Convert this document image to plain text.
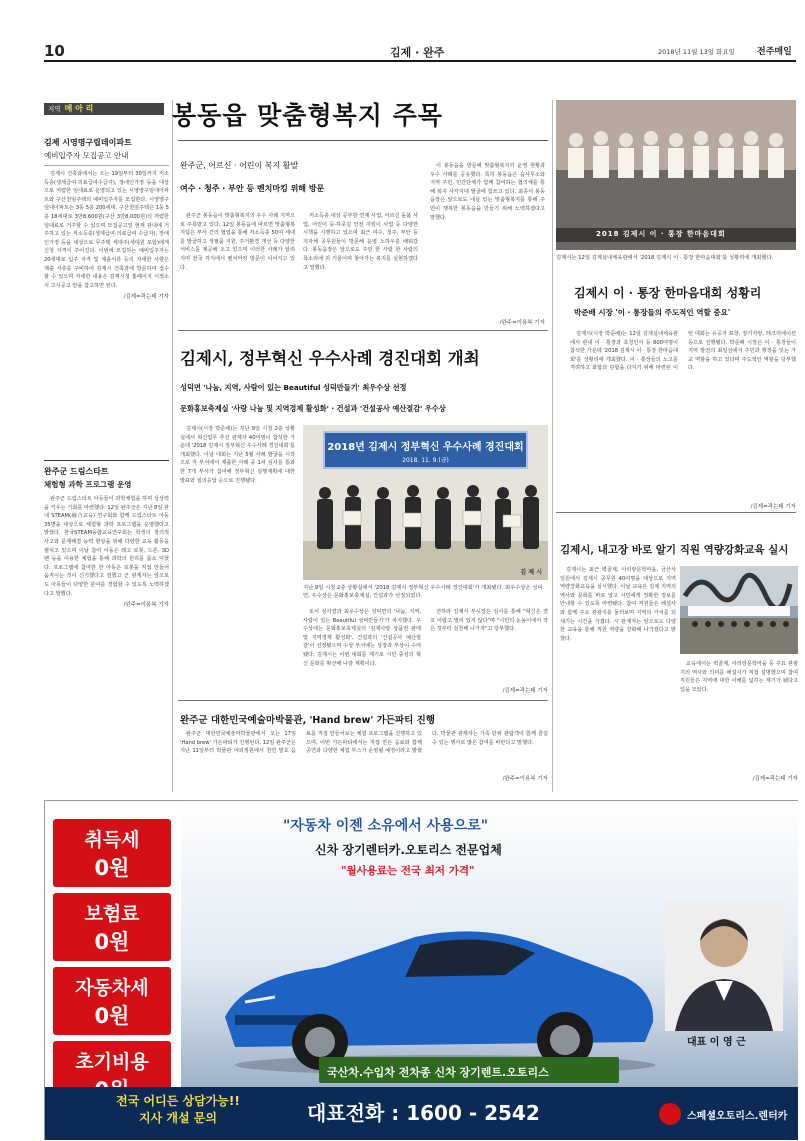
10	김제 · 완주	2018년 11월 13일 화요일 전주매일
지역 메 아 리
김제 시영명구립데이파트
예비입주자 모집공고 안내

김제시 건축과에서는 오는 19일부터 30일까지 저소득층(생계급여·의료급여수급자), 장애인가정 등을 대상으로 저렴한 임대료로 운영되고 있는 시영영구임대아파트와 구산천임주택의 예비입주자를 모집한다. 시영영구임대아파트는 3동 5층 200세대, 구산천임주택은 1동 5층 18세대로 3만8,600원(구산 3만8,000원)의 저렴한 임대료로 거주할 수 있으며 모집공고일 현재 관내에 거주하고 있는 저소득층(생계급여·의료급여 수급자), 장애인가정 등을 대상으로 무주택 세대주(세대원 포함)에게 신청 자격이 주어진다. 이번에 모집하는 예비입주자는 20세대로 입주 자격 및 제출서류 등의 자세한 사항은 제출 서류를 구비하여 김제시 건축과에 방문하여 접수할 수 있으며 자세한 내용은 김제시청 홈페이지 시정소식 고시공고 란을 참고하면 된다.

/김제=곽는태 기자
완주군 드림스타트
체험형 과학 프로그램 운영

완주군 드림스타트 아동들이 과학체험을 하며 상상력을 키우는 기회를 마련했다. 12일 완주군은 지난 8일 관내 STEAM(融合교육) 연구회와 함께 드림스타트 아동 35명을 대상으로 체험형 과학 프로그램을 운영했다고 밝혔다. 한국STEAM융합교육연구회는 학생의 창의적 사고와 문제해결 능력 향상을 위해 다양한 교육 활동을 펼치고 있으며 이날 참여 아동은 레고 로봇, 드론, 3D 펜 등을 이용한 체험을 통해 과학의 원리를 몸소 익혔다. 프로그램에 참여한 한 아동은 로봇을 직접 만들어 움직이는 것이 신기했다고 전했고 군 관계자는 앞으로도 아동들이 다양한 분야를 경험할 수 있도록 노력하겠다고 말했다.

/완주=이용복 기자
봉동읍 맞춤형복지 주목
완주군, 어르신 · 어린이 복지 활발
여수 · 청주 · 부안 등 벤치마킹 위해 방문

완주군 봉동읍이 맞춤형복지의 우수 사례 지역으로 주목받고 있다. 12일 봉동읍에 따르면 맞춤형복지팀은 부서 간의 협업을 통해 저소득층 50여 세대를 발굴하고 생필품 지원, 주거환경 개선 등 다양한 서비스를 제공해 오고 있으며 이러한 사례가 알려지며 전국 각지에서 벤치마킹 방문이 이어지고 있다.

저소득층 대상 공부방 연계 사업, 어르신 돌봄 사업, 어린이 등·하굣길 안전 지킴이 사업 등 다양한 시책을 시행하고 있으며 최근 여수, 청주, 부안 등 지자체 공무원들이 방문해 운영 노하우를 배워갔다. 봉동읍장은 앞으로도 주민 한 사람 한 사람의 목소리에 귀 기울이며 찾아가는 복지를 실현하겠다고 말했다.

이 봉동읍을 방문해 맞춤형복지의 운영 현황과 우수 사례를 공유했다. 특히 봉동읍은 읍사무소와 지역 주민, 민간단체가 함께 참여하는 협의체를 통해 복지 사각지대 발굴에 힘쓰고 있다. 최종식 봉동읍장은 앞으로도 내실 있는 맞춤형복지를 통해 주민이 행복한 봉동읍을 만들기 위해 노력하겠다고 말했다.

/완주=이용복 기자
김제시, 정부혁신 우수사례 경진대회 개최
성덕면 '나눔, 지역, 사람이 있는 Beautiful 성덕만들기' 최우수상 선정
문화홍보축제실 '사랑 나눔 및 지역경제 활성화' · 건설과 '건설공사 예산절감' 우수상

김제시(시장 박준배)는 지난 9일 시청 2층 상황실에서 혁신업무 추진 관계자 40여명이 참석한 가운데 '2018 김제시 정부혁신 우수사례 경진대회'를 개최했다. 이날 대회는 지난 5월 사례 발굴을 시작으로 각 부서에서 제출한 사례 중 1차 심사를 통과한 7개 부서가 참여해 정부혁신 실행계획에 대한 발표와 질의응답 순으로 진행됐다.

2018년 김제시 정부혁신 우수사례 경진대회
2018. 11. 9.(금)
김 제 시
지난 9일 시청 2층 상황실에서 '2018 김제시 정부혁신 우수사례 경진대회'가 개최됐다. 최우수상은 성덕면, 우수상은 문화홍보축제실, 건설과가 선정되었다.

토서 심사결과 최우수상은 성덕면의 '나눔, 지역, 사람이 있는 Beautiful 성덕만들기'가 차지했다. 우수상에는 문화홍보축제실의 '김제사랑 상품권 판매 및 지역경제 활성화', 건설과의 '건설공사 예산절감'이 선정됐으며 수상 부서에는 상장과 부상이 수여됐다. 김제시는 이번 대회를 계기로 시민 중심의 혁신 문화를 확산해 나갈 계획이다.

전하라 김제시 부시장은 심사를 통해 "혁신은 결코 어렵고 멀리 있지 않다"며 "시민의 눈높이에서 작은 것부터 실천해 나가자"고 당부했다.

/김제=곽는태 기자
완주군 대한민국예술마박물관, 'Hand brew' 가든파티 진행

완주군 대한민국예술마박물관에서 오는 17일 'Hand brew' 가든파티가 진행된다. 12일 완주군은 지난 11일부터 박물관 야외정원에서 천연 발효 음료를 직접 만들어보는 체험 프로그램을 진행하고 있으며, 이번 가든파티에서는 직접 만든 음료와 함께 공연과 다양한 체험 부스가 운영될 예정이라고 밝혔다. 박물관 관계자는 가족 단위 관람객이 함께 즐길 수 있는 행사로 많은 참여를 바란다고 말했다.

/완주=이용복 기자
2018 김제시 이 · 통장 한마음대회
김제시는 12일 김제실내체육관에서 '2018 김제시 이 · 통장 한마음대회'를 성황리에 개최했다.
김제시 이 · 통장 한마음대회 성황리
박준배 시장 '이 · 통장들의 주도적인 역할 중요'

김제시(시장 박준배)는 12일 김제실내체육관에서 관내 이 · 통장과 초청인사 등 800여명이 참석한 가운데 '2018 김제시 이 · 통장 한마음대회'를 성황리에 개최했다. 이 · 통장들의 노고를 격려하고 화합과 단합을 다지기 위해 마련된 이번 대회는 유공자 표창, 장기자랑, 레크리에이션 등으로 진행됐다. 박준배 시장은 이 · 통장들이 지역 발전의 최일선에서 주민과 행정을 잇는 가교 역할을 하고 있다며 주도적인 역할을 당부했다.

/김제=곽는태 기자
김제시, 내고장 바로 알기 직원 역량강화교육 실시

김제시는 최근 벽골제, 아리랑문학마을, 금산사 일원에서 김제시 공무원 40여명을 대상으로 지역 역량강화교육을 실시했다. 이날 교육은 김제 지역의 역사와 문화를 바로 알고 시민에게 정확한 정보를 안내할 수 있도록 마련됐다. 참여 직원들은 해설사와 함께 주요 관광지를 둘러보며 지역의 가치를 되새기는 시간을 가졌다. 시 관계자는 앞으로도 다양한 교육을 통해 직원 역량을 강화해 나가겠다고 밝혔다.

교육에서는 벽골제, 아리랑문학마을 등 주요 관광지의 역사와 의미를 해설사가 직접 설명했으며 참여 직원들은 지역에 대한 이해를 넓히는 계기가 됐다고 입을 모았다.

/김제=곽는태 기자
취득세
0원
보험료
0원
자동차세
0원
초기비용
전국 어디든 상담가능!!
지사 개설 문의
"자동차 이젠 소유에서 사용으로"
신차 장기렌터카.오토리스 전문업체
"월사용료는 전국 최저 가격"
대표 이 영 근
국산차.수입차 전차종 신차 장기렌트.오토리스
대표전화 : 1600 - 2542	스페셜오토리스.렌터카
